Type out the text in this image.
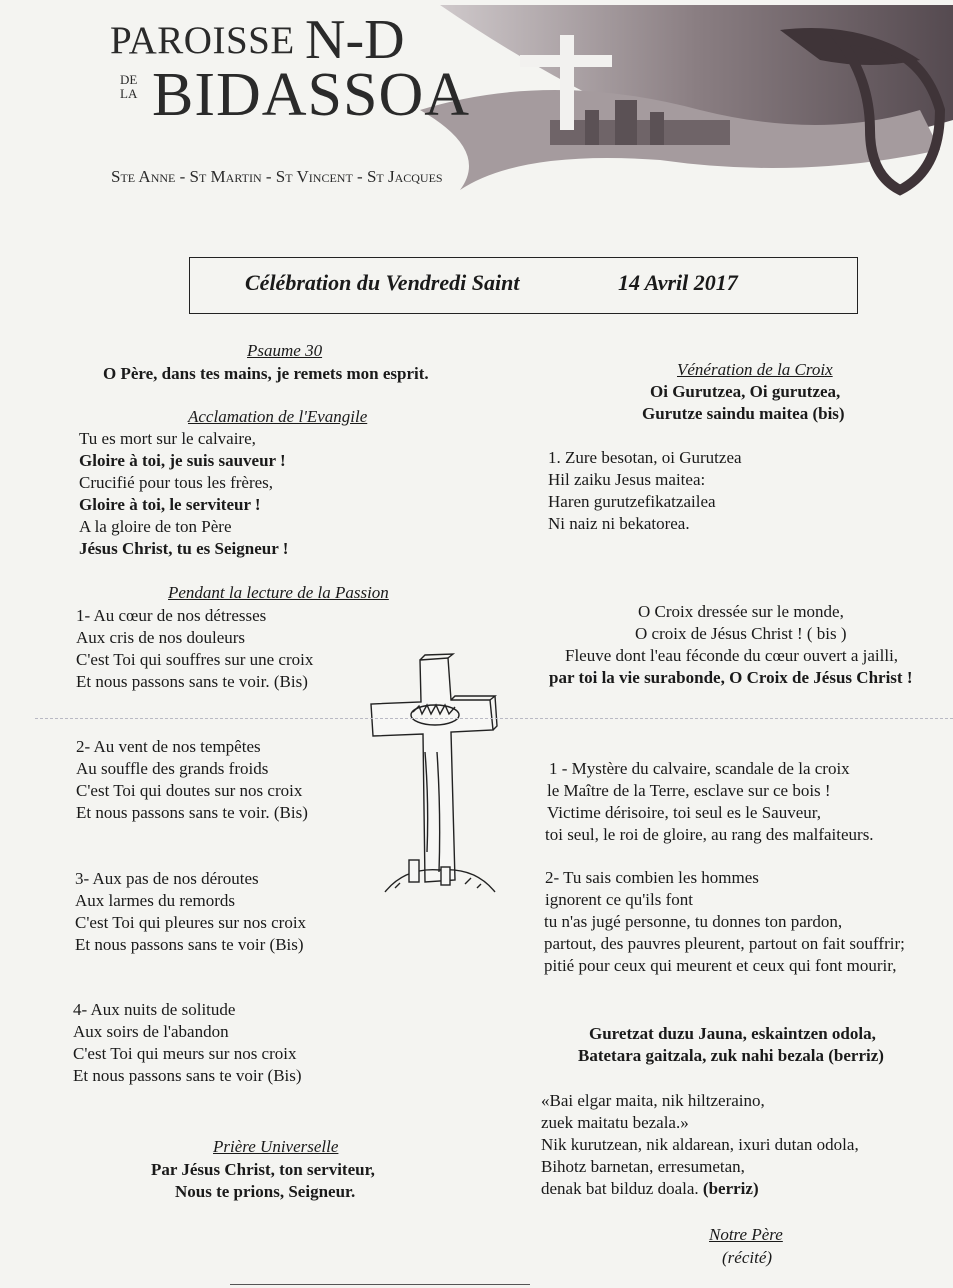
PAROISSE N-D
DE
LA BIDASSOA
Ste Anne - St Martin - St Vincent - St Jacques
Célébration du Vendredi Saint	14 Avril 2017
Psaume 30
O Père, dans tes mains, je remets mon esprit.
Acclamation de l'Evangile
Tu es mort sur le calvaire,
Gloire à toi, je suis sauveur !
Crucifié pour tous les frères,
Gloire à toi, le serviteur !
A la gloire de ton Père
Jésus Christ, tu es Seigneur !
Pendant la lecture de la Passion
1- Au cœur de nos détresses
Aux cris de nos douleurs
C'est Toi qui souffres sur une croix
Et nous passons sans te voir. (Bis)
2- Au vent de nos tempêtes
Au souffle des grands froids
C'est Toi qui doutes sur nos croix
Et nous passons sans te voir. (Bis)
3- Aux pas de nos déroutes
Aux larmes du remords
C'est Toi qui pleures sur nos croix
Et nous passons sans te voir (Bis)
4- Aux nuits de solitude
Aux soirs de l'abandon
C'est Toi qui meurs sur nos croix
Et nous passons sans te voir (Bis)
Prière Universelle
Par Jésus Christ, ton serviteur,
Nous te prions, Seigneur.
Vénération de la Croix
Oi Gurutzea, Oi gurutzea,
Gurutze saindu maitea (bis)
1. Zure besotan, oi Gurutzea
Hil zaiku Jesus maitea:
Haren gurutzefikatzailea
Ni naiz ni bekatorea.
O Croix dressée sur le monde,
O croix de Jésus Christ ! ( bis )
Fleuve dont l'eau féconde du cœur ouvert a jailli,
par toi la vie surabonde, O Croix de Jésus Christ !
1 - Mystère du calvaire, scandale de la croix
le Maître de la Terre, esclave sur ce bois !
Victime dérisoire, toi seul es le Sauveur,
toi seul, le roi de gloire, au rang des malfaiteurs.
2- Tu sais combien les hommes
ignorent ce qu'ils font
tu n'as jugé personne, tu donnes ton pardon,
partout, des pauvres pleurent, partout on fait souffrir;
pitié pour ceux qui meurent et ceux qui font mourir,
Guretzat duzu Jauna, eskaintzen odola,
Batetara gaitzala, zuk nahi bezala (berriz)
«Bai elgar maita, nik hiltzeraino,
zuek maitatu bezala.»
Nik kurutzean, nik aldarean, ixuri dutan odola,
Bihotz barnetan, erresumetan,
denak bat bilduz doala. (berriz)
Notre Père
(récité)
